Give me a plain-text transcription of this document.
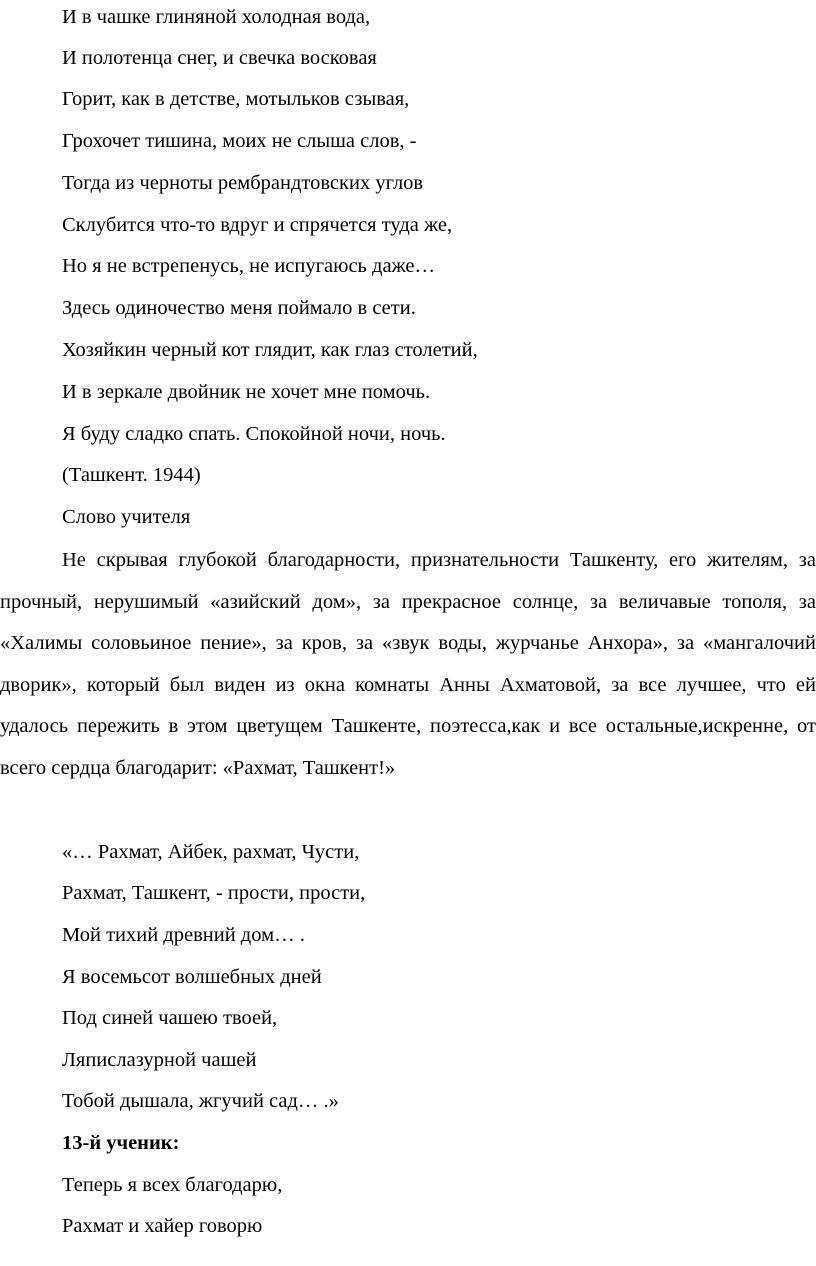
И в чашке глиняной холодная вода,
И полотенца снег, и свечка восковая
Горит, как в детстве, мотыльков сзывая,
Грохочет тишина, моих не слыша слов, -
Тогда из черноты рембрандтовских углов
Склубится что-то вдруг и спрячется туда же,
Но я не встрепенусь, не испугаюсь даже…
Здесь одиночество меня поймало в сети.
Хозяйкин черный кот глядит, как глаз столетий,
И в зеркале двойник не хочет мне помочь.
Я буду сладко спать. Спокойной ночи, ночь.
(Ташкент. 1944)
Слово учителя

Не скрывая глубокой благодарности, признательности Ташкенту, его жителям, за прочный, нерушимый «азийский дом», за прекрасное солнце, за величавые тополя, за «Халимы соловьиное пение», за кров, за «звук воды, журчанье Анхора», за «мангалочий дворик», который был виден из окна комнаты Анны Ахматовой, за все лучшее, что ей удалось пережить в этом цветущем Ташкенте, поэтесса,как и все остальные,искренне, от всего сердца благодарит: «Рахмат, Ташкент!»

«… Рахмат, Айбек, рахмат, Чусти,
Рахмат, Ташкент, - прости, прости,
Мой тихий древний дом… .
Я восемьсот волшебных дней
Под синей чашею твоей,
Ляпислазурной чашей
Тобой дышала, жгучий сад… .»
13-й ученик:
Теперь я всех благодарю,
Рахмат и хайер говорю
